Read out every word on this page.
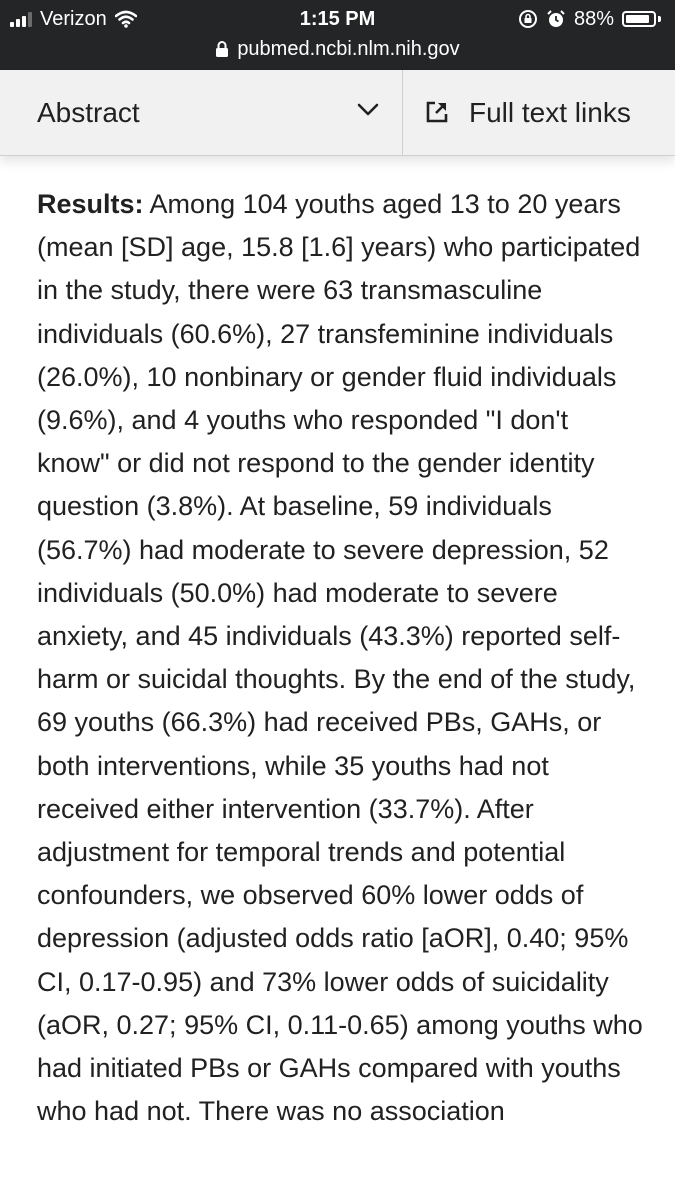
Verizon	1:15 PM	88%
pubmed.ncbi.nlm.nih.gov
Abstract	Full text links

Results: Among 104 youths aged 13 to 20 years (mean [SD] age, 15.8 [1.6] years) who participated in the study, there were 63 transmasculine individuals (60.6%), 27 transfeminine individuals (26.0%), 10 nonbinary or gender fluid individuals (9.6%), and 4 youths who responded "I don't know" or did not respond to the gender identity question (3.8%). At baseline, 59 individuals (56.7%) had moderate to severe depression, 52 individuals (50.0%) had moderate to severe anxiety, and 45 individuals (43.3%) reported self-harm or suicidal thoughts. By the end of the study, 69 youths (66.3%) had received PBs, GAHs, or both interventions, while 35 youths had not received either intervention (33.7%). After adjustment for temporal trends and potential confounders, we observed 60% lower odds of depression (adjusted odds ratio [aOR], 0.40; 95% CI, 0.17-0.95) and 73% lower odds of suicidality (aOR, 0.27; 95% CI, 0.11-0.65) among youths who had initiated PBs or GAHs compared with youths who had not. There was no association
